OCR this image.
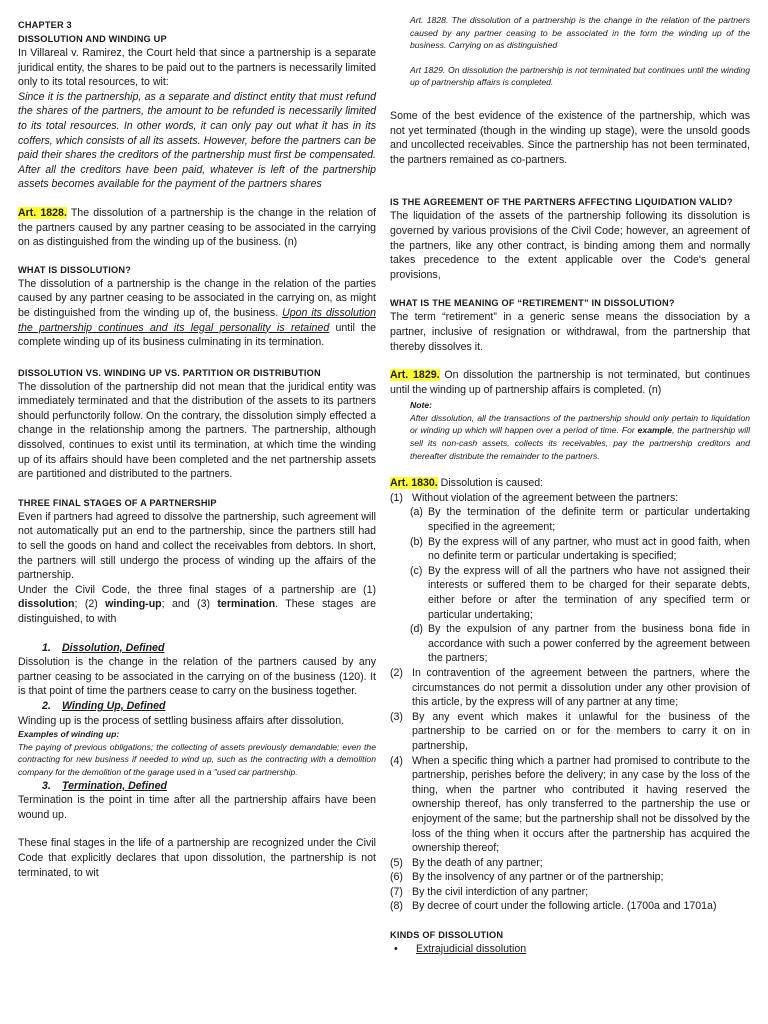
CHAPTER 3

DISSOLUTION AND WINDING UP

In Villareal v. Ramirez, the Court held that since a partnership is a separate juridical entity, the shares to be paid out to the partners is necessarily limited only to its total resources, to wit:

Since it is the partnership, as a separate and distinct entity that must refund the shares of the partners, the amount to be refunded is necessarily limited to its total resources. In other words, it can only pay out what it has in its coffers, which consists of all its assets. However, before the partners can be paid their shares the creditors of the partnership must first be compensated. After all the creditors have been paid, whatever is left of the partnership assets becomes available for the payment of the partners shares

Art. 1828. The dissolution of a partnership is the change in the relation of the partners caused by any partner ceasing to be associated in the carrying on as distinguished from the winding up of the business. (n)

WHAT IS DISSOLUTION?

The dissolution of a partnership is the change in the relation of the parties caused by any partner ceasing to be associated in the carrying on, as might be distinguished from the winding up of, the business. Upon its dissolution the partnership continues and its legal personality is retained until the complete winding up of its business culminating in its termination.

DISSOLUTION VS. WINDING UP VS. PARTITION OR DISTRIBUTION

The dissolution of the partnership did not mean that the juridical entity was immediately terminated and that the distribution of the assets to its partners should perfunctorily follow. On the contrary, the dissolution simply effected a change in the relationship among the partners. The partnership, although dissolved, continues to exist until its termination, at which time the winding up of its affairs should have been completed and the net partnership assets are partitioned and distributed to the partners.

THREE FINAL STAGES OF A PARTNERSHIP

Even if partners had agreed to dissolve the partnership, such agreement will not automatically put an end to the partnership, since the partners still had to sell the goods on hand and collect the receivables from debtors. In short, the partners will still undergo the process of winding up the affairs of the partnership.

Under the Civil Code, the three final stages of a partnership are (1) dissolution; (2) winding-up; and (3) termination. These stages are distinguished, to with

1. Dissolution, Defined

Dissolution is the change in the relation of the partners caused by any partner ceasing to be associated in the carrying on of the business (120). It is that point of time the partners cease to carry on the business together.

2. Winding Up, Defined

Winding up is the process of settling business affairs after dissolution.

Examples of winding up:

The paying of previous obligations; the collecting of assets previously demandable; even the contracting for new business if needed to wind up, such as the contracting with a demolition company for the demolition of the garage used in a "used car partnership.

3. Termination, Defined

Termination is the point in time after all the partnership affairs have been wound up.

These final stages in the life of a partnership are recognized under the Civil Code that explicitly declares that upon dissolution, the partnership is not terminated, to wit

Art. 1828. The dissolution of a partnership is the change in the relation of the partners caused by any partner ceasing to be associated in the form the winding up of the business. Carrying on as distinguished

Art 1829. On dissolution the partnership is not terminated but continues until the winding up of partnership affairs is completed.

Some of the best evidence of the existence of the partnership, which was not yet terminated (though in the winding up stage), were the unsold goods and uncollected receivables. Since the partnership has not been terminated, the partners remained as co-partners.

IS THE AGREEMENT OF THE PARTNERS AFFECTING LIQUIDATION VALID?

The liquidation of the assets of the partnership following its dissolution is governed by various provisions of the Civil Code; however, an agreement of the partners, like any other contract, is binding among them and normally takes precedence to the extent applicable over the Code's general provisions,

WHAT IS THE MEANING OF “RETIREMENT” IN DISSOLUTION?

The term “retirement” in a generic sense means the dissociation by a partner, inclusive of resignation or withdrawal, from the partnership that thereby dissolves it.

Art. 1829. On dissolution the partnership is not terminated, but continues until the winding up of partnership affairs is completed. (n)

Note:

After dissolution, all the transactions of the partnership should only pertain to liquidation or winding up which will happen over a period of time. For example, the partnership will sell its non-cash assets, collects its receivables, pay the partnership creditors and thereafter distribute the remainder to the partners.

Art. 1830. Dissolution is caused:

(1) Without violation of the agreement between the partners:
(a) By the termination of the definite term or particular undertaking specified in the agreement;
(b) By the express will of any partner, who must act in good faith, when no definite term or particular undertaking is specified;
(c) By the express will of all the partners who have not assigned their interests or suffered them to be charged for their separate debts, either before or after the termination of any specified term or particular undertaking;
(d) By the expulsion of any partner from the business bona fide in accordance with such a power conferred by the agreement between the partners;
(2) In contravention of the agreement between the partners, where the circumstances do not permit a dissolution under any other provision of this article, by the express will of any partner at any time;
(3) By any event which makes it unlawful for the business of the partnership to be carried on or for the members to carry it on in partnership,
(4) When a specific thing which a partner had promised to contribute to the partnership, perishes before the delivery; in any case by the loss of the thing, when the partner who contributed it having reserved the ownership thereof, has only transferred to the partnership the use or enjoyment of the same; but the partnership shall not be dissolved by the loss of the thing when it occurs after the partnership has acquired the ownership thereof;
(5) By the death of any partner;
(6) By the insolvency of any partner or of the partnership;
(7) By the civil interdiction of any partner;
(8) By decree of court under the following article. (1700a and 1701a)

KINDS OF DISSOLUTION

• Extrajudicial dissolution
